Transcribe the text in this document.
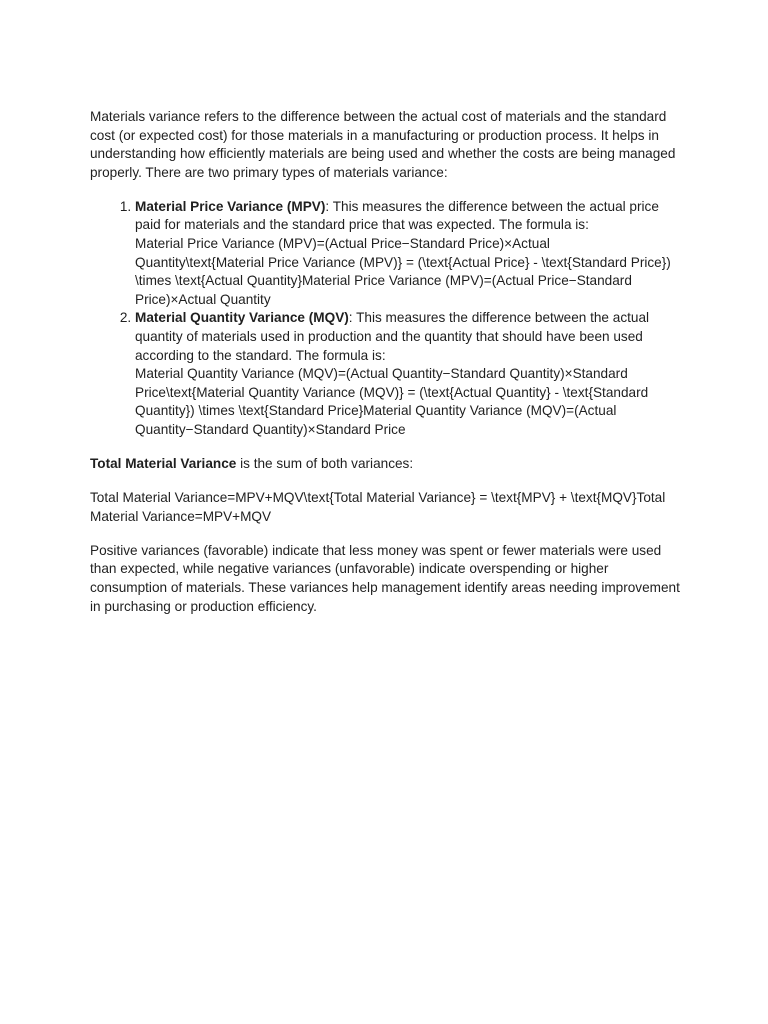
Materials variance refers to the difference between the actual cost of materials and the standard cost (or expected cost) for those materials in a manufacturing or production process. It helps in understanding how efficiently materials are being used and whether the costs are being managed properly. There are two primary types of materials variance:

1. Material Price Variance (MPV): This measures the difference between the actual price paid for materials and the standard price that was expected. The formula is:
Material Price Variance (MPV)=(Actual Price−Standard Price)×Actual Quantity\text{Material Price Variance (MPV)} = (\text{Actual Price} - \text{Standard Price}) \times \text{Actual Quantity}Material Price Variance (MPV)=(Actual Price−Standard Price)×Actual Quantity
2. Material Quantity Variance (MQV): This measures the difference between the actual quantity of materials used in production and the quantity that should have been used according to the standard. The formula is:
Material Quantity Variance (MQV)=(Actual Quantity−Standard Quantity)×Standard Price\text{Material Quantity Variance (MQV)} = (\text{Actual Quantity} - \text{Standard Quantity}) \times \text{Standard Price}Material Quantity Variance (MQV)=(Actual Quantity−Standard Quantity)×Standard Price

Total Material Variance is the sum of both variances:

Total Material Variance=MPV+MQV\text{Total Material Variance} = \text{MPV} + \text{MQV}Total Material Variance=MPV+MQV

Positive variances (favorable) indicate that less money was spent or fewer materials were used than expected, while negative variances (unfavorable) indicate overspending or higher consumption of materials. These variances help management identify areas needing improvement in purchasing or production efficiency.
